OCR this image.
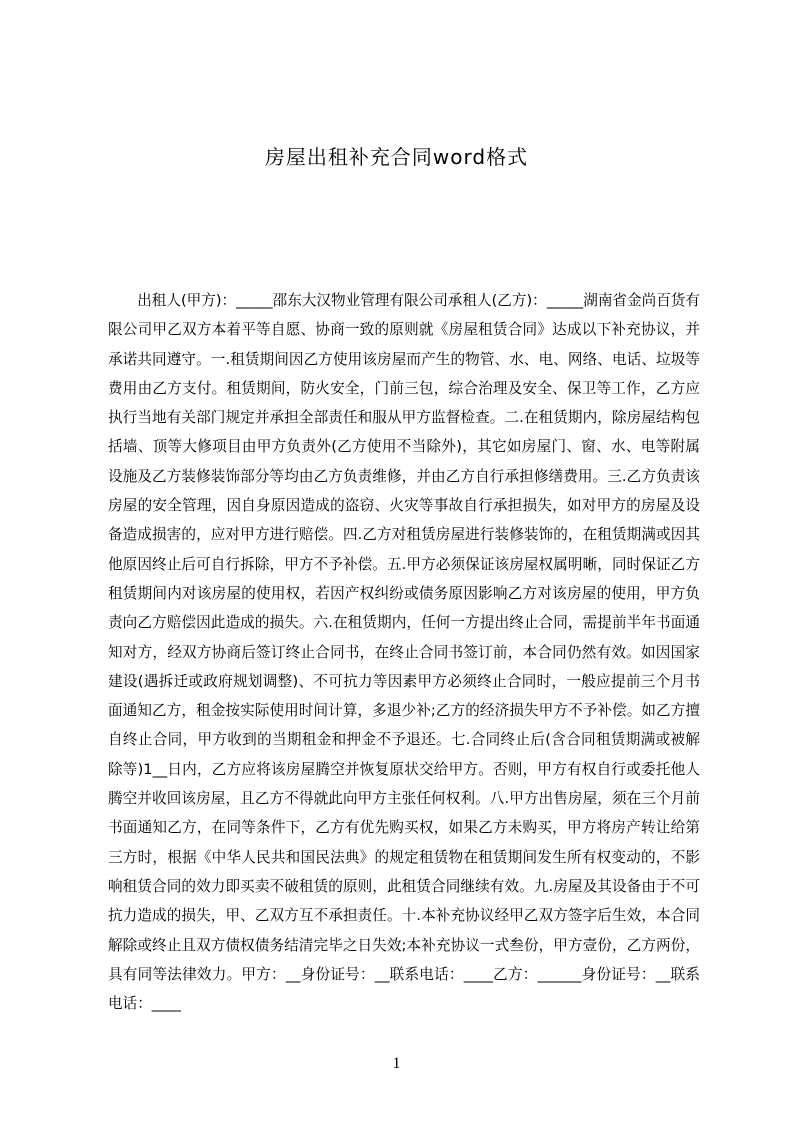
房屋出租补充合同word格式

出租人(甲方)：_____邵东大汉物业管理有限公司承租人(乙方)：_____湖南省金尚百货有限公司甲乙双方本着平等自愿、协商一致的原则就《房屋租赁合同》达成以下补充协议，并承诺共同遵守。一.租赁期间因乙方使用该房屋而产生的物管、水、电、网络、电话、垃圾等费用由乙方支付。租赁期间，防火安全，门前三包，综合治理及安全、保卫等工作，乙方应执行当地有关部门规定并承担全部责任和服从甲方监督检查。二.在租赁期内，除房屋结构包括墙、顶等大修项目由甲方负责外(乙方使用不当除外)，其它如房屋门、窗、水、电等附属设施及乙方装修装饰部分等均由乙方负责维修，并由乙方自行承担修缮费用。三.乙方负责该房屋的安全管理，因自身原因造成的盗窃、火灾等事故自行承担损失，如对甲方的房屋及设备造成损害的，应对甲方进行赔偿。四.乙方对租赁房屋进行装修装饰的，在租赁期满或因其他原因终止后可自行拆除，甲方不予补偿。五.甲方必须保证该房屋权属明晰，同时保证乙方租赁期间内对该房屋的使用权，若因产权纠纷或债务原因影响乙方对该房屋的使用，甲方负责向乙方赔偿因此造成的损失。六.在租赁期内，任何一方提出终止合同，需提前半年书面通知对方，经双方协商后签订终止合同书，在终止合同书签订前，本合同仍然有效。如因国家建设(遇拆迁或政府规划调整)、不可抗力等因素甲方必须终止合同时，一般应提前三个月书面通知乙方，租金按实际使用时间计算，多退少补;乙方的经济损失甲方不予补偿。如乙方擅自终止合同，甲方收到的当期租金和押金不予退还。七.合同终止后(含合同租赁期满或被解除等)1__日内，乙方应将该房屋腾空并恢复原状交给甲方。否则，甲方有权自行或委托他人腾空并收回该房屋，且乙方不得就此向甲方主张任何权利。八.甲方出售房屋，须在三个月前书面通知乙方，在同等条件下，乙方有优先购买权，如果乙方未购买，甲方将房产转让给第三方时，根据《中华人民共和国民法典》的规定租赁物在租赁期间发生所有权变动的，不影响租赁合同的效力即买卖不破租赁的原则，此租赁合同继续有效。九.房屋及其设备由于不可抗力造成的损失，甲、乙双方互不承担责任。十.本补充协议经甲乙双方签字后生效，本合同解除或终止且双方债权债务结清完毕之日失效;本补充协议一式叁份，甲方壹份，乙方两份，具有同等法律效力。甲方：__身份证号：__联系电话：____乙方：______身份证号：__联系电话：____

1
